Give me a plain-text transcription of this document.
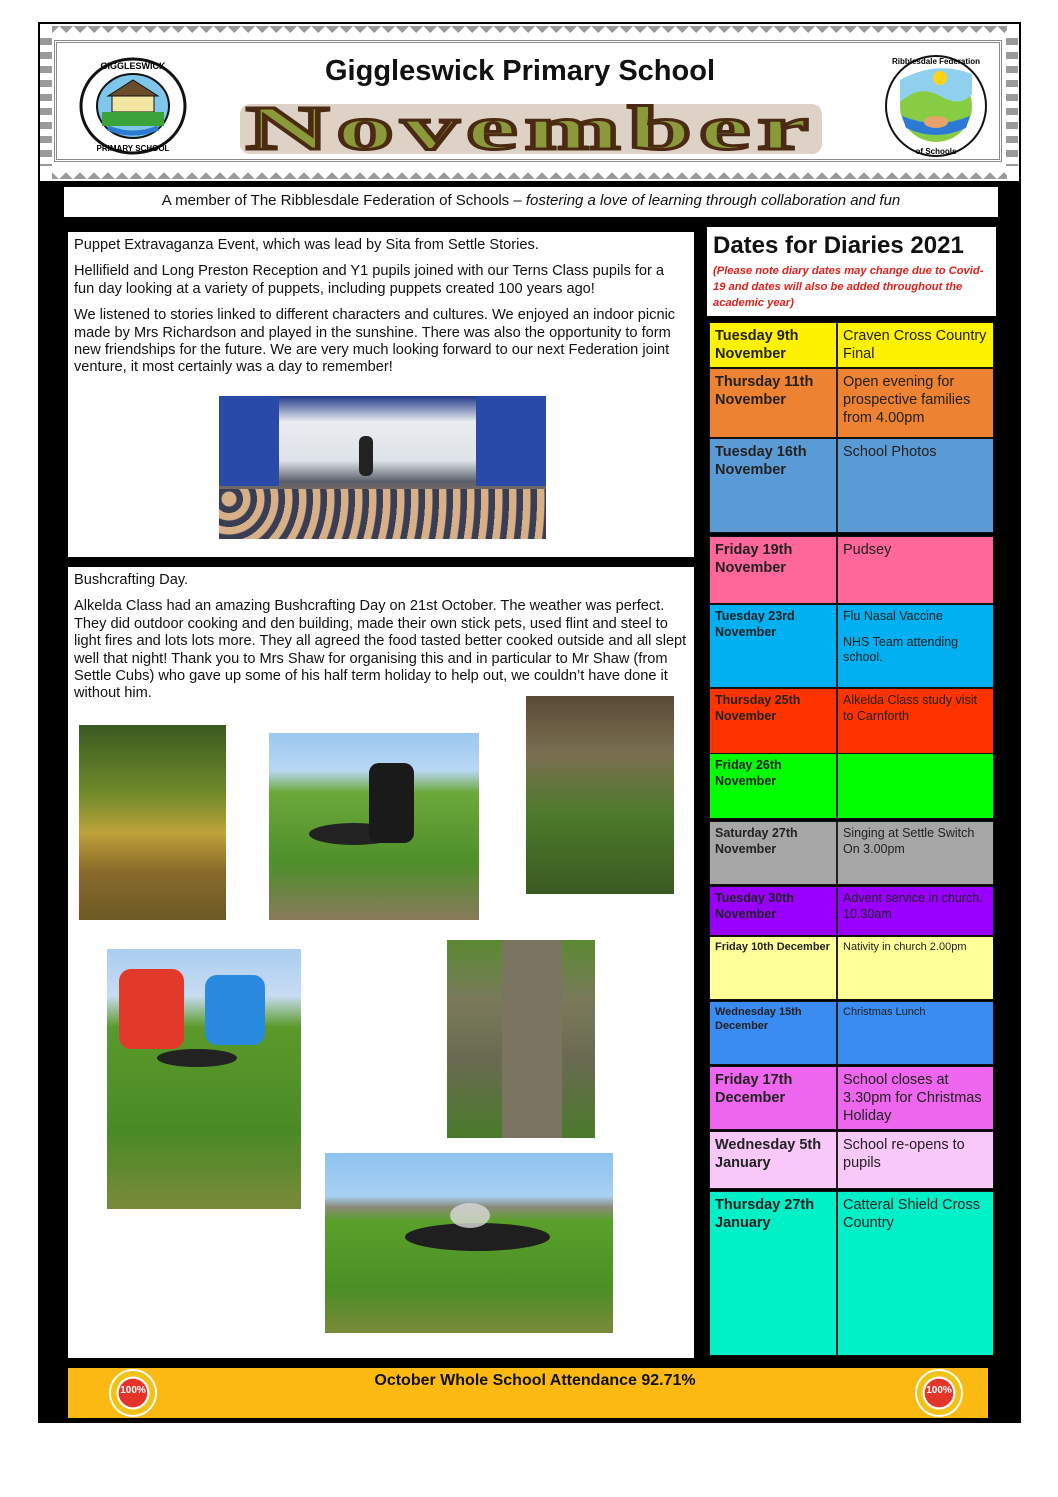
GIGGLESWICK
PRIMARY SCHOOL
Giggleswick Primary School
November
Ribblesdale Federation
of Schools
A member of The Ribblesdale Federation of Schools – fostering a love of learning through collaboration and fun

Puppet Extravaganza Event, which was lead by Sita from Settle Stories.

Hellifield and Long Preston Reception and Y1 pupils joined with our Terns Class pupils for a fun day looking at a variety of puppets, including puppets created 100 years ago!

We listened to stories linked to different characters and cultures. We enjoyed an indoor picnic made by Mrs Richardson and played in the sunshine. There was also the opportunity to form new friendships for the future. We are very much looking forward to our next Federation joint venture, it most certainly was a day to remember!

Bushcrafting Day.

Alkelda Class had an amazing Bushcrafting Day on 21st October. The weather was perfect. They did outdoor cooking and den building, made their own stick pets, used flint and steel to light fires and lots lots more. They all agreed the food tasted better cooked outside and all slept well that night! Thank you to Mrs Shaw for organising this and in particular to Mr Shaw (from Settle Cubs) who gave up some of his half term holiday to help out, we couldn’t have done it without him.

Dates for Diaries 2021
(Please note diary dates may change due to Covid-19 and dates will also be added throughout the academic year)
Tuesday 9th November
Craven Cross Country Final
Thursday 11th November
Open evening for prospective families from 4.00pm
Tuesday 16th November
School Photos
Friday 19th November
Pudsey
Tuesday 23rd November
Flu Nasal Vaccine
NHS Team attending school.
Thursday 25th November
Alkelda Class study visit to Carnforth
Friday 26th November
Saturday 27th November
Singing at Settle Switch On 3.00pm
Tuesday 30th November
Advent service in church. 10.30am
Friday 10th December	Nativity in church 2.00pm
Wednesday 15th December
Christmas Lunch
Friday 17th December
School closes at 3.30pm for Christmas Holiday
Wednesday 5th January
School re-opens to pupils
Thursday 27th January
Catteral Shield Cross Country
October Whole School Attendance 92.71%
100%	100%
